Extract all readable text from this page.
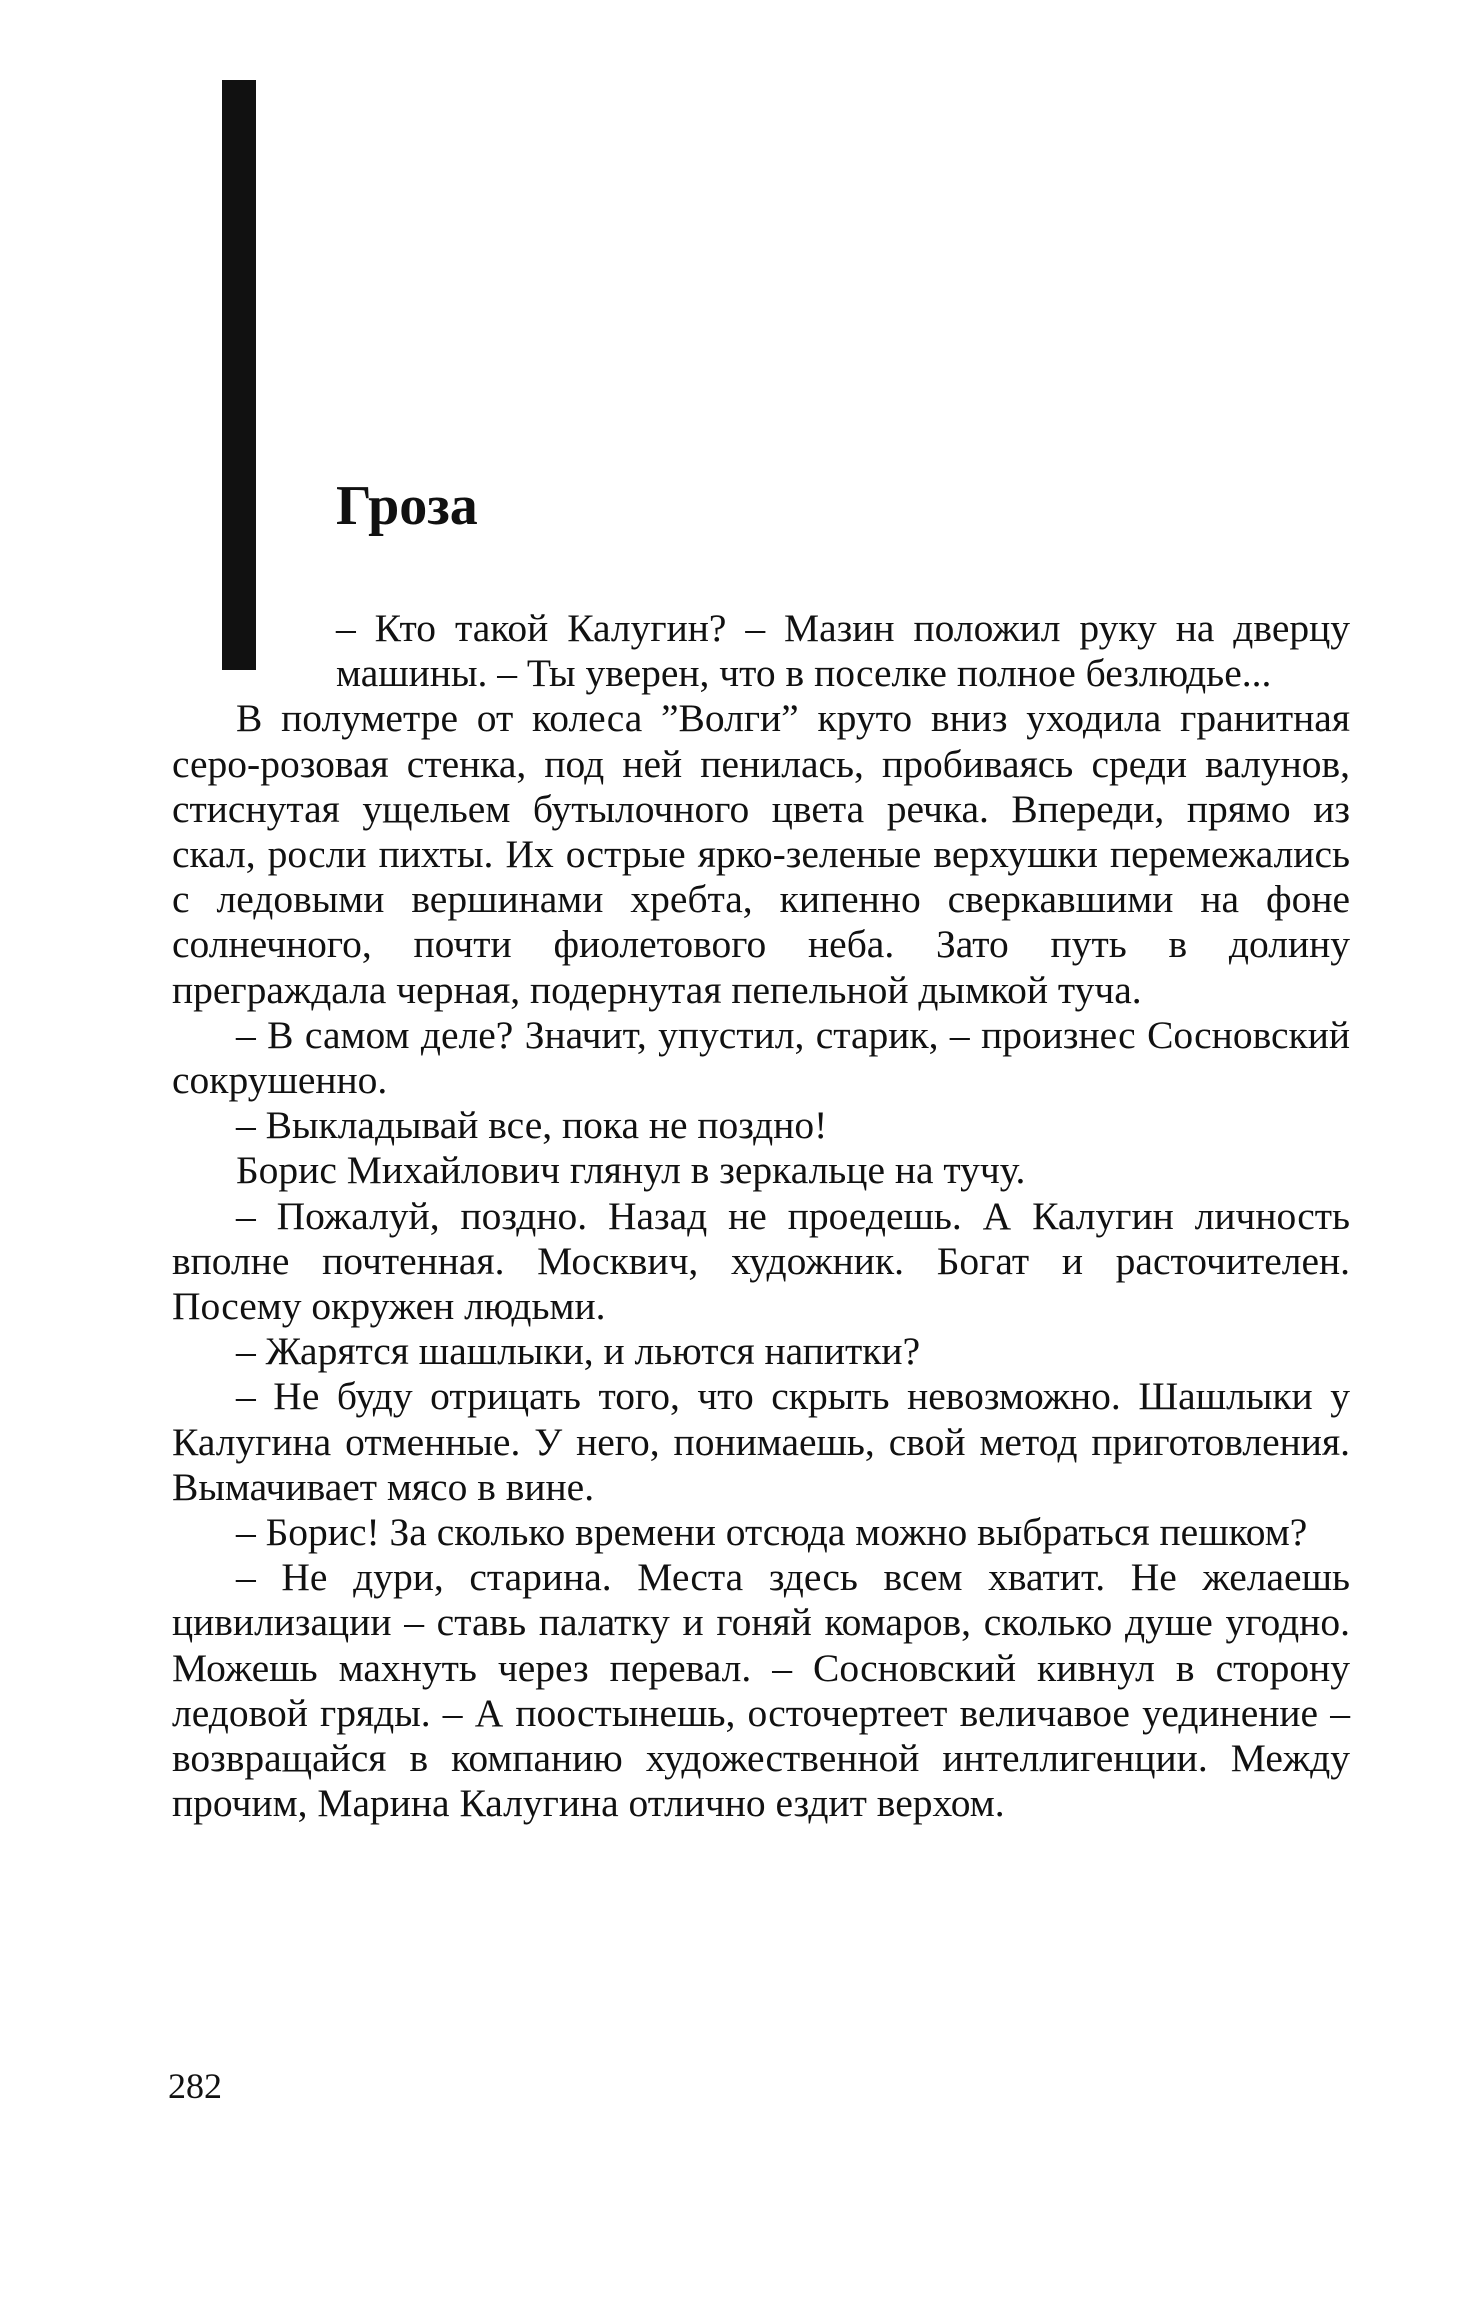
Гроза

– Кто такой Калугин? – Мазин положил руку на дверцу машины. – Ты уверен, что в поселке полное безлюдье...

В полуметре от колеса ”Волги” круто вниз уходила гранитная серо-розовая стенка, под ней пенилась, пробиваясь среди валунов, стиснутая ущельем бутылочного цвета речка. Впереди, прямо из скал, росли пихты. Их острые ярко-зеленые верхушки перемежались с ледовыми вершинами хребта, кипенно сверкавшими на фоне солнечного, почти фиолетового неба. Зато путь в долину преграждала черная, подернутая пепельной дымкой туча.

– В самом деле? Значит, упустил, старик, – произнес Сосновский сокрушенно.

– Выкладывай все, пока не поздно!

Борис Михайлович глянул в зеркальце на тучу.

– Пожалуй, поздно. Назад не проедешь. А Калугин личность вполне почтенная. Москвич, художник. Богат и расточителен. Посему окружен людьми.

– Жарятся шашлыки, и льются напитки?

– Не буду отрицать того, что скрыть невозможно. Шашлыки у Калугина отменные. У него, понимаешь, свой метод приготовления. Вымачивает мясо в вине.

– Борис! За сколько времени отсюда можно выбраться пешком?

– Не дури, старина. Места здесь всем хватит. Не желаешь цивилизации – ставь палатку и гоняй комаров, сколько душе угодно. Можешь махнуть через перевал. – Сосновский кивнул в сторону ледовой гряды. – А поостынешь, осточертеет величавое уединение – возвращайся в компанию художественной интеллигенции. Между прочим, Марина Калугина отлично ездит верхом.

282
